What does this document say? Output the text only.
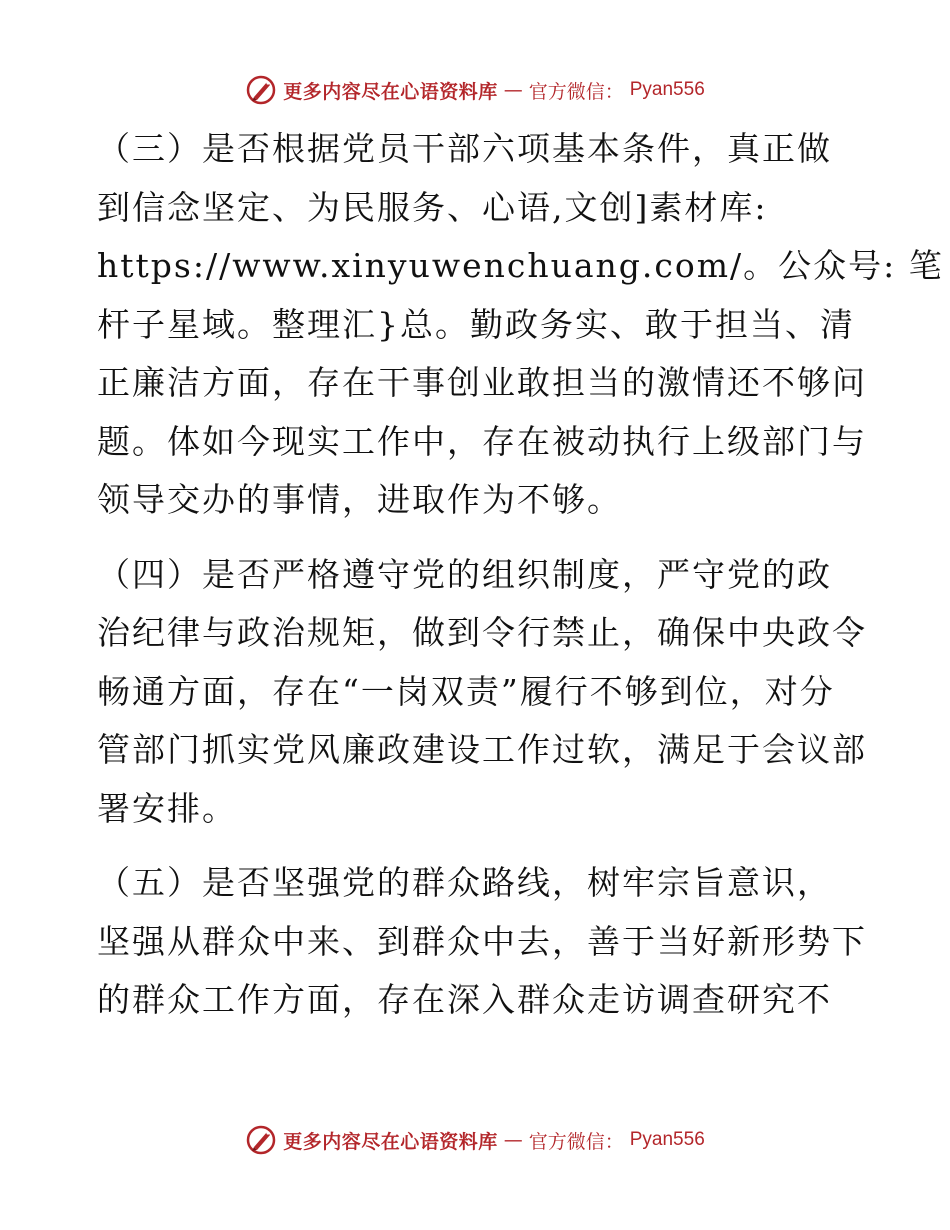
更多内容尽在心语资料库 — 官方微信： Pyan556
（三）是否根据党员干部六项基本条件，真正做
到信念坚定、为民服务、心语,文创]素材库:
https://www.xinyuwenchuang.com/。公众号: 笔
杆子星域。整理汇}总。勤政务实、敢于担当、清
正廉洁方面，存在干事创业敢担当的激情还不够问
题。体如今现实工作中，存在被动执行上级部门与
领导交办的事情，进取作为不够。
（四）是否严格遵守党的组织制度，严守党的政
治纪律与政治规矩，做到令行禁止，确保中央政令
畅通方面，存在“一岗双责”履行不够到位，对分
管部门抓实党风廉政建设工作过软，满足于会议部
署安排。
（五）是否坚强党的群众路线，树牢宗旨意识，
坚强从群众中来、到群众中去，善于当好新形势下
的群众工作方面，存在深入群众走访调查研究不
更多内容尽在心语资料库 — 官方微信： Pyan556
